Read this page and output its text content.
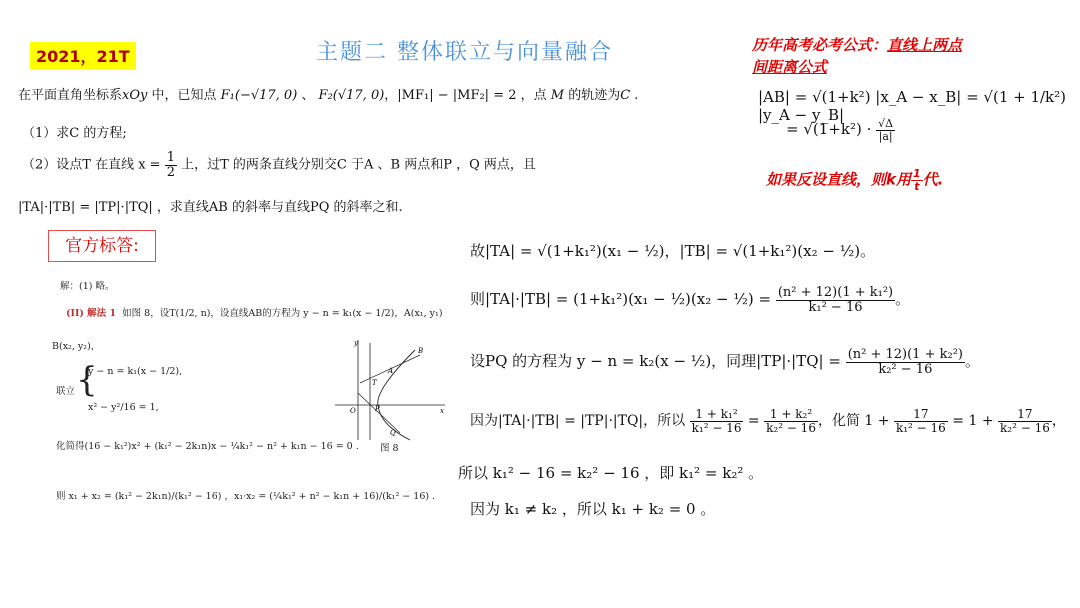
2021，21T	主题二 整体联立与向量融合
在平面直角坐标系xOy 中，已知点 F₁(−√17, 0) 、 F₂(√17, 0)，|MF₁| − |MF₂| = 2 ，点 M 的轨迹为C .
（1）求C 的方程;
（2）设点T 在直线 $x = \frac{1}{2}$ 上，过T 的两条直线分别交C 于A 、B 两点和P ，Q 两点，且
|TA|·|TB| = |TP|·|TQ| ，求直线AB 的斜率与直线PQ 的斜率之和.
历年高考必考公式：直线上两点
间距离公式
|AB| = √(1+k²) |x_A − x_B| = √(1 + 1/k²) |y_A − y_B|
= $√(1+k^2) \cdot \frac{√\Delta}{|a|}$
如果反设直线，则k用 $\frac{1}{t}$ 代.
官方标答:
解：(1) 略。
(II) 解法 1 如图 8，设T(1/2, n)，设直线AB的方程为 y − n = k₁(x − 1/2)，A(x₁, y₁)
B(x₂, y₂)，
联立 {
y − n = k₁(x − 1/2),
x² − y²/16 = 1,
化简得(16 − k₁²)x² + (k₁² − 2k₁n)x − ¼k₁² − n² + k₁n − 16 = 0 .
则 x₁ + x₂ = (k₁² − 2k₁n)/(k₁² − 16) ，x₁·x₂ = (¼k₁² + n² − k₁n + 16)/(k₁² − 16) .
y
x
O
T
A
B
P
Q
图 8
故|TA| = √(1+k₁²)(x₁ − ½)，|TB| = √(1+k₁²)(x₂ − ½)。
则|TA|·|TB| = (1+k₁²)(x₁ − ½)(x₂ − ½) = $\frac{\text{(n² + 12)(1 + k₁²)}}{\text{k₁² − 16}}$ 。
设PQ 的方程为 y − n = k₂(x − ½)，同理$|TP|\cdot|TQ| = \frac{\text{(n² + 12)(1 + k₂²)}}{\text{k₂² − 16}}$ 。
因为|TA|·|TB| = |TP|·|TQ|，所以 $\frac{\text{1 + k₁²}}{\text{k₁² − 16}} = \frac{\text{1 + k₂²}}{\text{k₂² − 16}}$ ，化简 $1 + \frac{17}{\text{k₁² − 16}} = 1 + \frac{17}{\text{k₂² − 16}}$ ，
所以 k₁² − 16 = k₂² − 16 ，即 k₁² = k₂² 。
因为 k₁ ≠ k₂ ，所以 k₁ + k₂ = 0 。
